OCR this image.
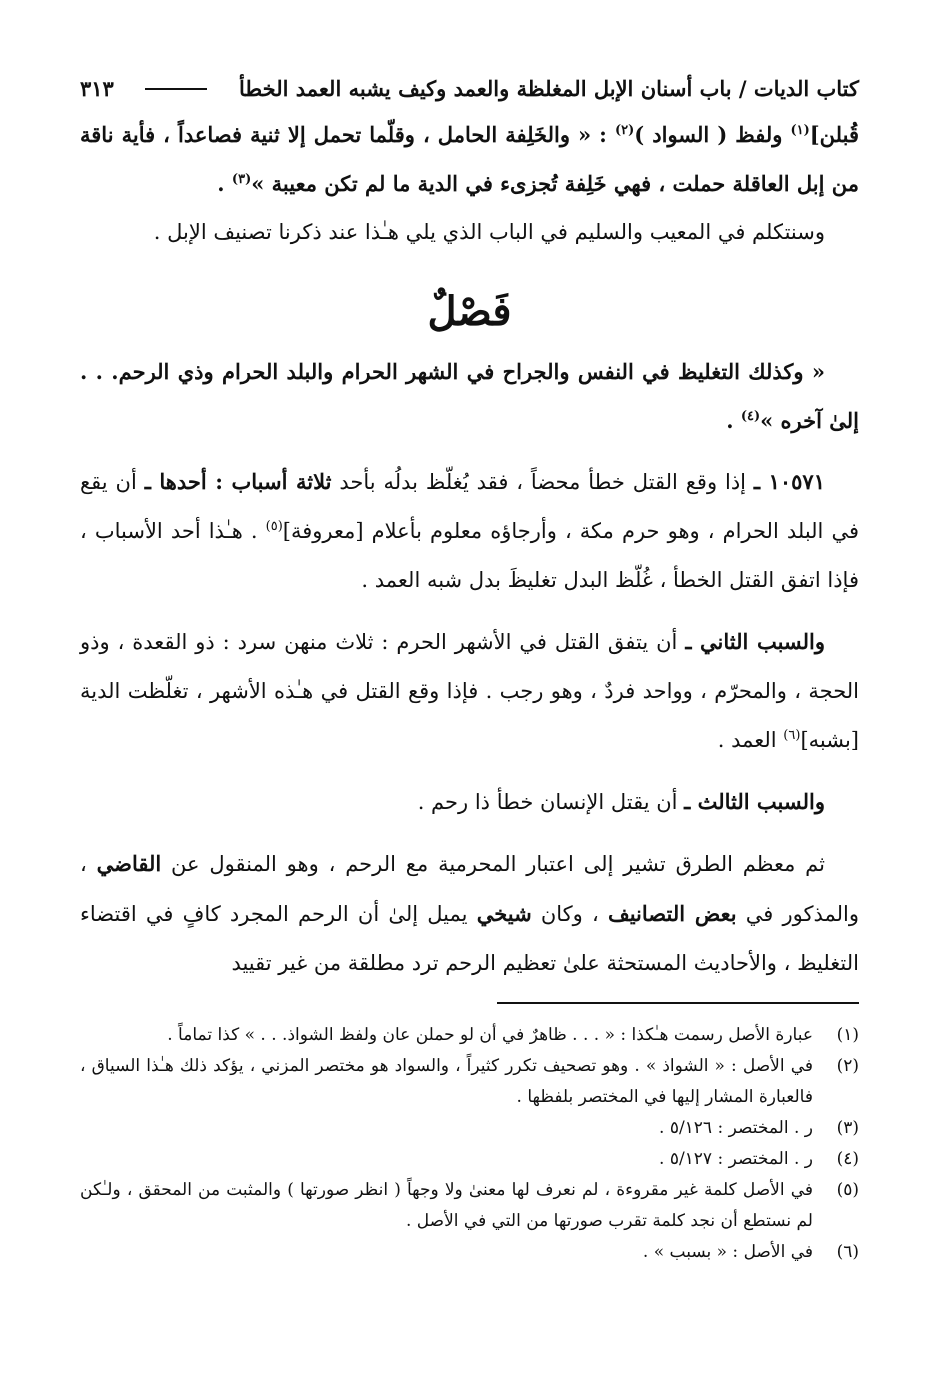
كتاب الديات / باب أسنان الإبل المغلظة والعمد وكيف يشبه العمد الخطأ
٣١٣

قُبلن]$^{(١)}$ ولفظ ( السواد )$^{(٢)}$ : « والخَلِفة الحامل ، وقلّما تحمل إلا ثنية فصاعداً ، فأية ناقة من إبل العاقلة حملت ، فهي خَلِفة تُجزىء في الدية ما لم تكن معيبة »$^{(٣)}$ .

وسنتكلم في المعيب والسليم في الباب الذي يلي هـٰذا عند ذكرنا تصنيف الإبل .

فَصْلٌ

« وكذلك التغليظ في النفس والجراح في الشهر الحرام والبلد الحرام وذي الرحم. . . إلىٰ آخره »$^{(٤)}$ .

١٠٥٧١ ـ إذا وقع القتل خطأ محضاً ، فقد يُغلّظ بدلُه بأحد ثلاثة أسباب : أحدها ـ أن يقع في البلد الحرام ، وهو حرم مكة ، وأرجاؤه معلوم بأعلام [معروفة]$^{(٥)}$ . هـٰذا أحد الأسباب ، فإذا اتفق القتل الخطأ ، غُلّظ البدل تغليظَ بدل شبه العمد .

والسبب الثاني ـ أن يتفق القتل في الأشهر الحرم : ثلاث منهن سرد : ذو القعدة ، وذو الحجة ، والمحرّم ، وواحد فردٌ ، وهو رجب . فإذا وقع القتل في هـٰذه الأشهر ، تغلّظت الدية [بشبه]$^{(٦)}$ العمد .

والسبب الثالث ـ أن يقتل الإنسان خطأ ذا رحم .

ثم معظم الطرق تشير إلى اعتبار المحرمية مع الرحم ، وهو المنقول عن القاضي ، والمذكور في بعض التصانيف ، وكان شيخي يميل إلىٰ أن الرحم المجرد كافٍ في اقتضاء التغليظ ، والأحاديث المستحثة علىٰ تعظيم الرحم ترد مطلقة من غير تقييد

(١)
عبارة الأصل رسمت هـٰكذا : « . . . ظاهرٌ في أن لو حملن عان ولفظ الشواذ. . . » كذا تماماً .
(٢)
في الأصل : « الشواذ » . وهو تصحيف تكرر كثيراً ، والسواد هو مختصر المزني ، يؤكد ذلك هـٰذا السياق ، فالعبارة المشار إليها في المختصر بلفظها .
(٣)
ر . المختصر : ٥/١٢٦ .
(٤)
ر . المختصر : ٥/١٢٧ .
(٥)
في الأصل كلمة غير مقروءة ، لم نعرف لها معنىٰ ولا وجهاً ( انظر صورتها ) والمثبت من المحقق ، ولـٰكن لم نستطع أن نجد كلمة تقرب صورتها من التي في الأصل .
(٦)
في الأصل : « بسبب » .
